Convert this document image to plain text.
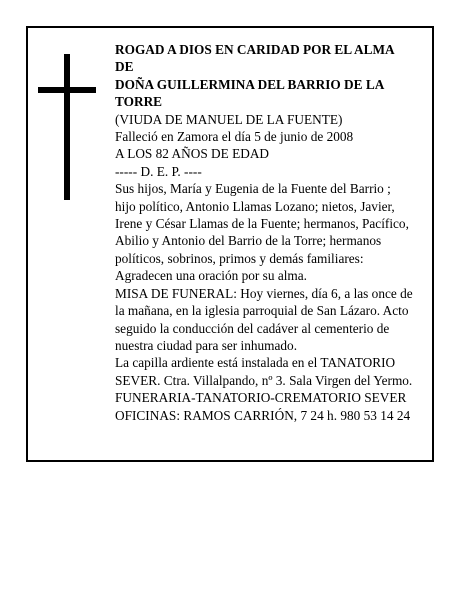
ROGAD A DIOS EN CARIDAD POR EL ALMA
DE
DOÑA GUILLERMINA DEL BARRIO DE LA
TORRE
(VIUDA DE MANUEL DE LA FUENTE)
Falleció en Zamora el día 5 de junio de 2008
A LOS 82 AÑOS DE EDAD
----- D. E. P. ----
Sus hijos, María y Eugenia de la Fuente del Barrio ;
hijo político, Antonio Llamas Lozano; nietos, Javier,
Irene y César Llamas de la Fuente; hermanos, Pacífico,
Abilio y Antonio del Barrio de la Torre; hermanos
políticos, sobrinos, primos y demás familiares:
Agradecen una oración por su alma.
MISA DE FUNERAL: Hoy viernes, día 6, a las once de
la mañana, en la iglesia parroquial de San Lázaro. Acto
seguido la conducción del cadáver al cementerio de
nuestra ciudad para ser inhumado.
La capilla ardiente está instalada en el TANATORIO
SEVER. Ctra. Villalpando, nº 3. Sala Virgen del Yermo.
FUNERARIA-TANATORIO-CREMATORIO SEVER
OFICINAS: RAMOS CARRIÓN, 7 24 h. 980 53 14 24
